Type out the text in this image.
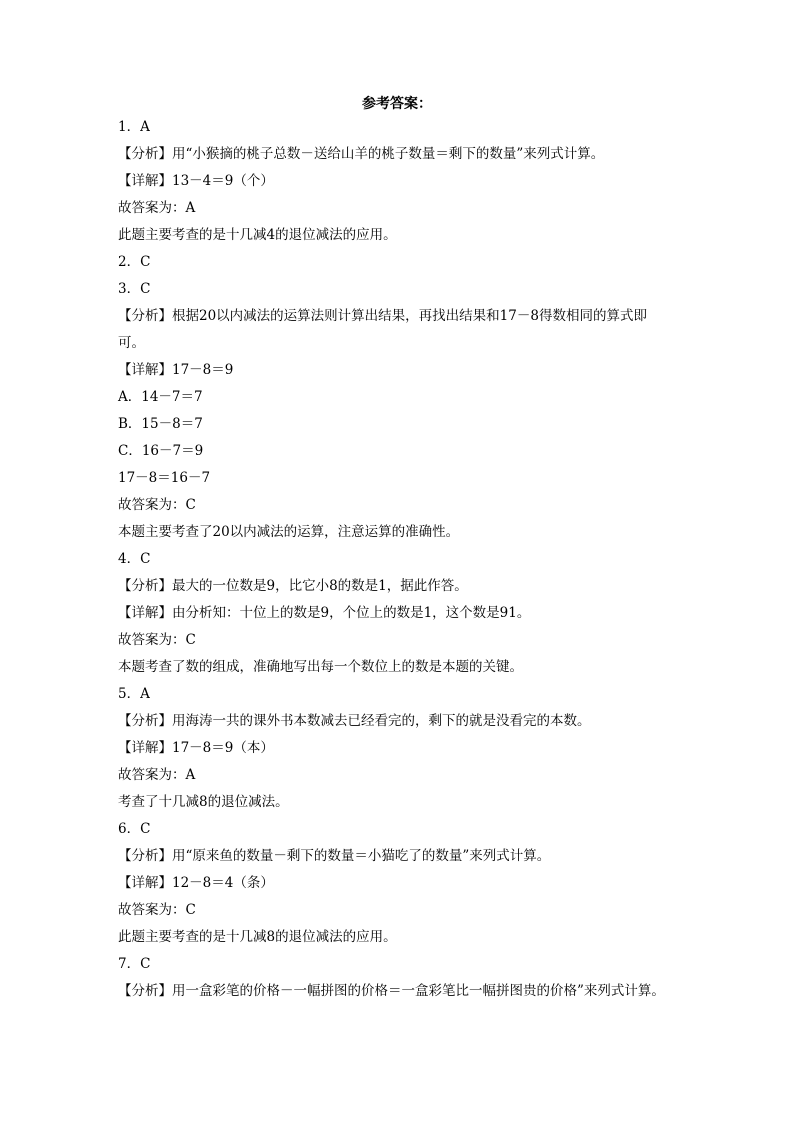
参考答案：
1．A
【分析】用“小猴摘的桃子总数－送给山羊的桃子数量＝剩下的数量”来列式计算。
【详解】13－4＝9（个）
故答案为：A
此题主要考查的是十几减4的退位减法的应用。
2．C
3．C
【分析】根据20以内减法的运算法则计算出结果，再找出结果和17－8得数相同的算式即
可。
【详解】17－8＝9
A．14－7＝7
B．15－8＝7
C．16－7＝9
17－8＝16－7
故答案为：C
本题主要考查了20以内减法的运算，注意运算的准确性。
4．C
【分析】最大的一位数是9，比它小8的数是1，据此作答。
【详解】由分析知：十位上的数是9，个位上的数是1，这个数是91。
故答案为：C
本题考查了数的组成，准确地写出每一个数位上的数是本题的关键。
5．A
【分析】用海涛一共的课外书本数减去已经看完的，剩下的就是没看完的本数。
【详解】17－8＝9（本）
故答案为：A
考查了十几减8的退位减法。
6．C
【分析】用“原来鱼的数量－剩下的数量＝小猫吃了的数量”来列式计算。
【详解】12－8＝4（条）
故答案为：C
此题主要考查的是十几减8的退位减法的应用。
7．C
【分析】用一盒彩笔的价格－一幅拼图的价格＝一盒彩笔比一幅拼图贵的价格”来列式计算。
